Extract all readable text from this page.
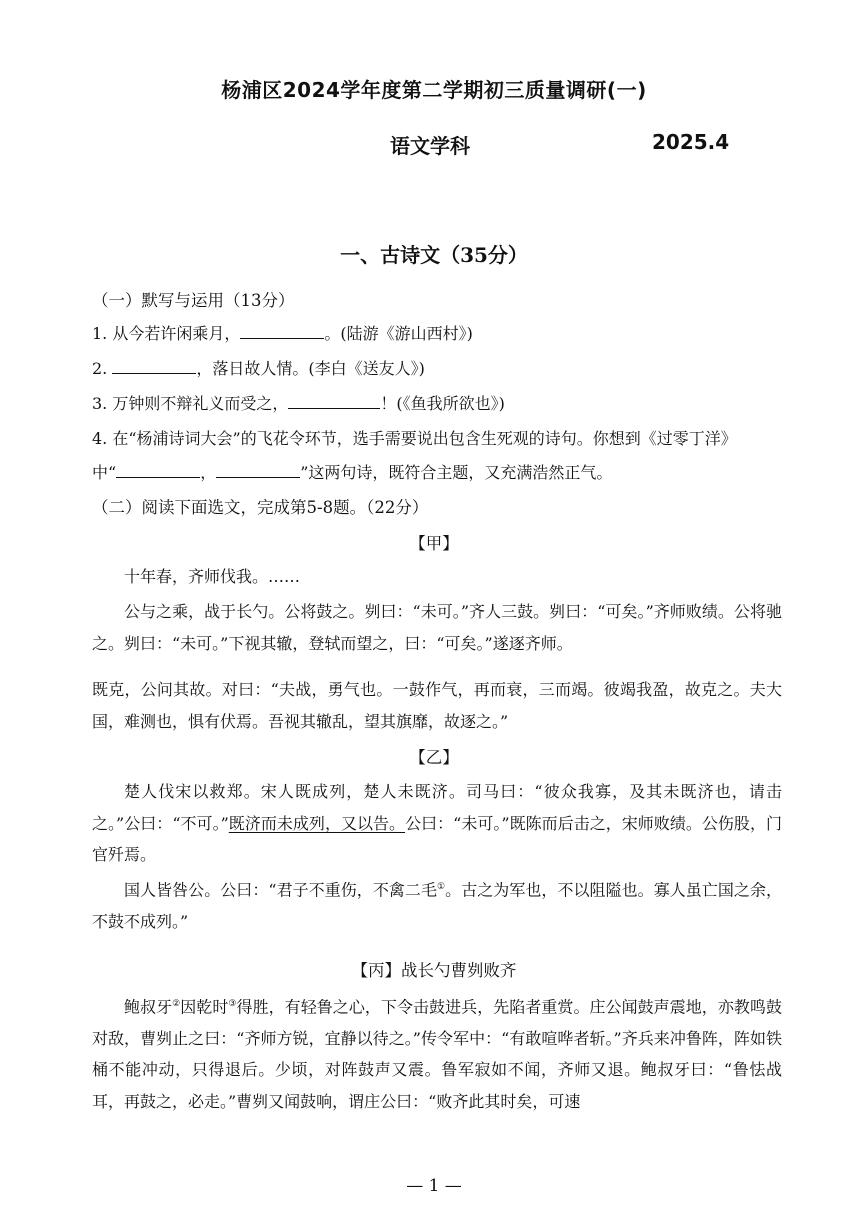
杨浦区2024学年度第二学期初三质量调研(一)
语文学科	2025.4
一、古诗文（35分）
（一）默写与运用（13分）
1. 从今若许闲乘月，	。(陆游《游山西村》)
2.	，落日故人情。(李白《送友人》)
3. 万钟则不辩礼义而受之，	！(《鱼我所欲也》)
4. 在“杨浦诗词大会”的飞花令环节，选手需要说出包含生死观的诗句。你想到《过零丁洋》
中“	，	”这两句诗，既符合主题，又充满浩然正气。
（二）阅读下面选文，完成第5-8题。（22分）
【甲】
十年春，齐师伐我。……
公与之乘，战于长勺。公将鼓之。刿曰：“未可。”齐人三鼓。刿曰：“可矣。”齐师败绩。公将驰之。刿曰：“未可。”下视其辙，登轼而望之，曰：“可矣。”遂逐齐师。
既克，公问其故。对曰：“夫战，勇气也。一鼓作气，再而衰，三而竭。彼竭我盈，故克之。夫大国，难测也，惧有伏焉。吾视其辙乱，望其旗靡，故逐之。”
【乙】
楚人伐宋以救郑。宋人既成列，楚人未既济。司马曰：“彼众我寡，及其未既济也，请击之。”公曰：“不可。”既济而未成列，又以告。公曰：“未可。”既陈而后击之，宋师败绩。公伤股，门官歼焉。
国人皆咎公。公曰：“君子不重伤，不禽二毛①。古之为军也，不以阻隘也。寡人虽亡国之余，不鼓不成列。”
【丙】战长勺曹刿败齐
鲍叔牙②因乾时③得胜，有轻鲁之心，下令击鼓进兵，先陷者重赏。庄公闻鼓声震地，亦教鸣鼓对敌，曹刿止之曰：“齐师方锐，宜静以待之。”传令军中：“有敢喧哗者斩。”齐兵来冲鲁阵，阵如铁桶不能冲动，只得退后。少顷，对阵鼓声又震。鲁军寂如不闻，齐师又退。鲍叔牙曰：“鲁怯战耳，再鼓之，必走。”曹刿又闻鼓响，谓庄公曰：“败齐此其时矣，可速
— 1 —
